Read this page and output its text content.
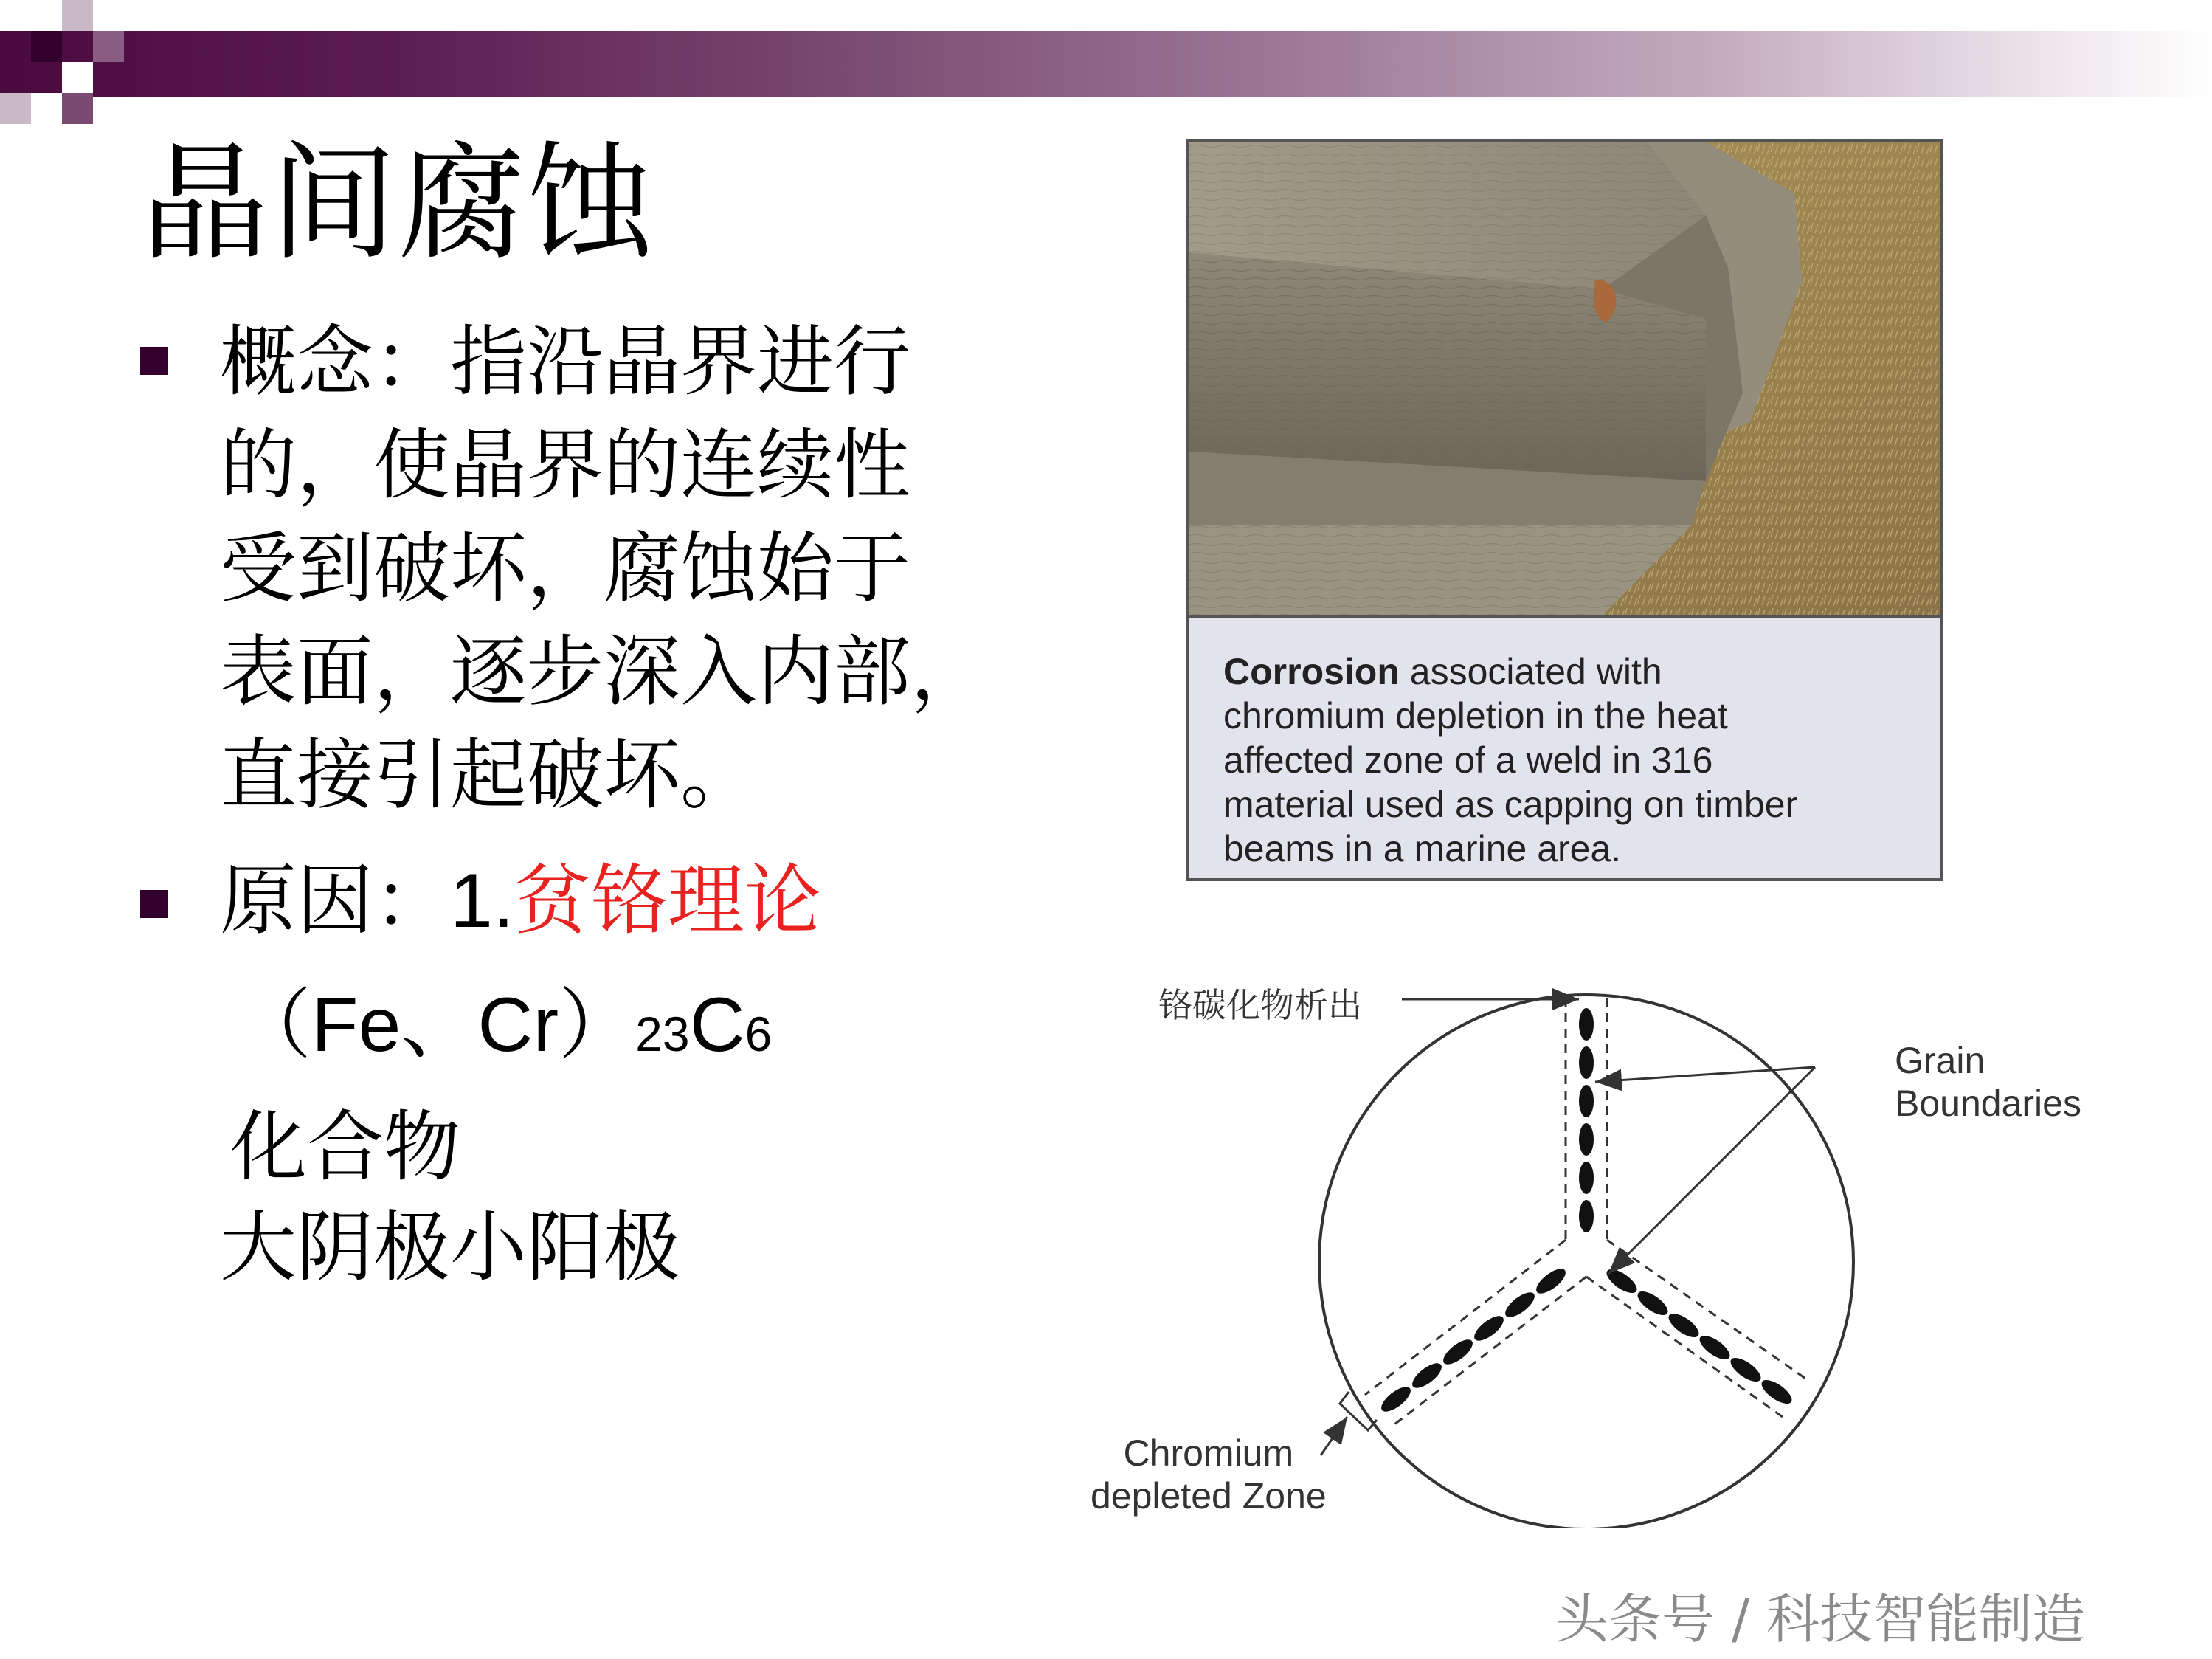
晶间腐蚀
概念：指沿晶界进行
的，使晶界的连续性
受到破坏，腐蚀始于
表面，逐步深入内部，
直接引起破坏。
原因：1.贫铬理论
（Fe、Cr）23C6
化合物
大阴极小阳极
Corrosion associated with
chromium depletion in the heat
affected zone of a weld in 316
material used as capping on timber
beams in a marine area.
铬碳化物析出
Grain
Boundaries
Chromium
depleted Zone
头条号 / 科技智能制造
